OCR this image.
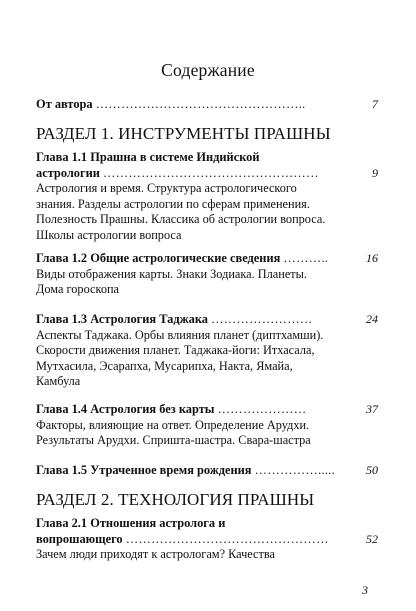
Содержание
От автора …………………………………………..	7
РАЗДЕЛ 1. ИНСТРУМЕНТЫ ПРАШНЫ
Глава 1.1 Прашна в системе Индийской
астрологии ……………………………………………	9
Астрология и время. Структура астрологического
знания. Разделы астрологии по сферам применения.
Полезность Прашны. Классика об астрологии вопроса.
Школы астрологии вопроса
Глава 1.2 Общие астрологические сведения ………..	16
Виды отображения карты. Знаки Зодиака. Планеты.
Дома гороскопа
Глава 1.3 Астрология Таджака ……………………	24
Аспекты Таджака. Орбы влияния планет (диптхамши).
Скорости движения планет. Таджака-йоги: Итхасала,
Мутхасила, Эсарапха, Мусарипха, Накта, Ямайа,
Камбула
Глава 1.4 Астрология без карты …………………	37
Факторы, влияющие на ответ. Определение Арудхи.
Результаты Арудхи. Спришта-шастра. Свара-шастра
Глава 1.5 Утраченное время рождения …………….....	50
РАЗДЕЛ 2. ТЕХНОЛОГИЯ ПРАШНЫ
Глава 2.1 Отношения астролога и
вопрошающего …………………………………………	52
Зачем люди приходят к астрологам? Качества
3
